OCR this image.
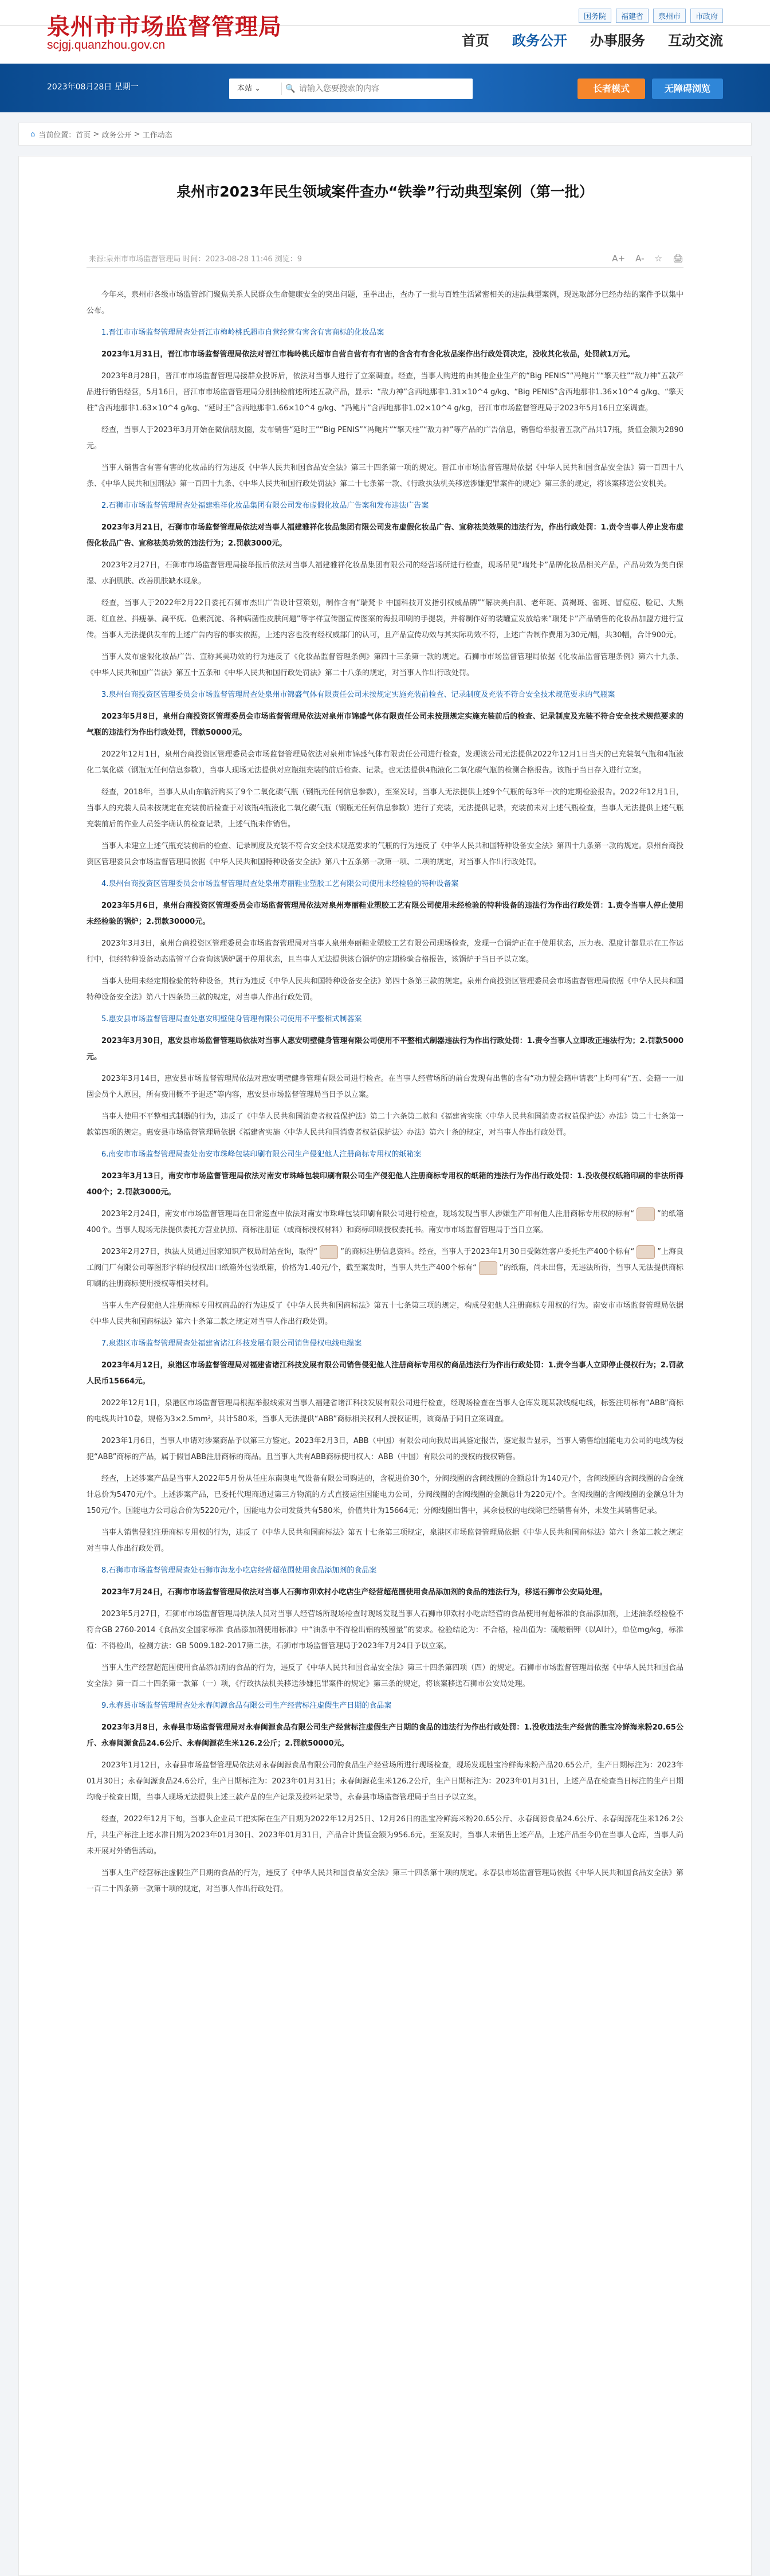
泉州市市场监督管理局
scjgj.quanzhou.gov.cn
国务院	福建省	泉州市	市政府
首页 政务公开 办事服务 互动交流
2023年08月28日 星期一	本站 ⌄	🔍
请输入您要搜索的内容	长者模式	无障碍浏览
⌂ 当前位置： 首页 > 政务公开 > 工作动态
泉州市2023年民生领域案件查办“铁拳”行动典型案例（第一批）
来源:泉州市市场监督管理局 时间：2023-08-28 11:46 浏览：9	A+ A- ☆ 🖨

今年来，泉州市各级市场监管部门聚焦关系人民群众生命健康安全的突出问题，重拳出击，查办了一批与百姓生活紧密相关的违法典型案例，现选取部分已经办结的案件予以集中公布。

1.晋江市市场监督管理局查处晋江市梅岭桃氏超市自营经营有害含有害商标的化妆品案

2023年1月31日，晋江市市场监督管理局依法对晋江市梅岭桃氏超市自营自营有有有害的含含有有含化妆品案作出行政处罚决定，没收其化妆品，处罚款1万元。

2023年8月28日，晋江市市场监督管理局接群众投诉后，依法对当事人进行了立案调查。经查，当事人购进的由其他企业生产的“Big PENIS”“冯鲍片”“擎天柱”“敌力神”五款产品进行销售经营，5月16日，晋江市市场监督管理局分别抽检前述所述五款产品，显示：“敌力神”含西地那非1.31×10^4 g/kg、“Big PENIS”含西地那非1.36×10^4 g/kg、“擎天柱”含西地那非1.63×10^4 g/kg、“延时王”含西地那非1.66×10^4 g/kg、“冯鲍片”含西地那非1.02×10^4 g/kg，晋江市市场监督管理局于2023年5月16日立案调查。

经查，当事人于2023年3月开始在微信朋友圈，发布销售“延时王”“Big PENIS”“冯鲍片”“擎天柱”“敌力神”等产品的广告信息，销售给举报者五款产品共17瓶，货值金额为2890元。

当事人销售含有害有害的化妆品的行为违反《中华人民共和国食品安全法》第三十四条第一项的规定。晋江市市场监督管理局依据《中华人民共和国食品安全法》第一百四十八条、《中华人民共和国刑法》第一百四十九条、《中华人民共和国行政处罚法》第二十七条第一款、《行政执法机关移送涉嫌犯罪案件的规定》第三条的规定，将该案移送公安机关。

2.石狮市市场监督管理局查处福建雅祥化妆品集团有限公司发布虚假化妆品广告案和发布违法广告案

2023年3月21日，石狮市市场监督管理局依法对当事人福建雅祥化妆品集团有限公司发布虚假化妆品广告、宣称祛美效果的违法行为，作出行政处罚：1.责令当事人停止发布虚假化妆品广告、宣称祛美功效的违法行为；2.罚款3000元。

2023年2月27日，石狮市市场监督管理局接举报后依法对当事人福建雅祥化妆品集团有限公司的经营场所进行检查，现场吊见“瑞梵卡”品牌化妆品相关产品，产品功效为美白保湿、水润肌肤、改善肌肤缺水现象。

经查，当事人于2022年2月22日委托石狮市杰出广告设计营策划，制作含有“瑞梵卡 中国科技开发指引权威品牌”“解决美白肌、老年斑、黄褐斑、雀斑、冒痘痘、脸记、大黑斑、红血丝、抖瘦暴、扁平疣、色素沉淀、各种病菌性皮肤问题”等字样宣传图宣传图案的海报印刷的手提袋，并将制作好的装罐宣发放给来“瑞梵卡”产品销售的化妆品加盟方进行宣传。当事人无法提供发布的上述广告内容的事实依据，上述内容也没有经权威部门的认可，且产品宣传功效与其实际功效不符，上述广告制作费用为30元/幅，共30幅，合计900元。

当事人发布虚假化妆品广告、宣称其美功效的行为违反了《化妆品监督管理条例》第四十三条第一款的规定。石狮市市场监督管理局依据《化妆品监督管理条例》第六十九条、《中华人民共和国广告法》第五十五条和《中华人民共和国行政处罚法》第二十八条的规定，对当事人作出行政处罚。

3.泉州台商投资区管理委员会市场监督管理局查处泉州市锦盛气体有限责任公司未按规定实施充装前检查、记录制度及充装不符合安全技术规范要求的气瓶案

2023年5月8日，泉州台商投资区管理委员会市场监督管理局依法对泉州市锦盛气体有限责任公司未按照规定实施充装前后的检查、记录制度及充装不符合安全技术规范要求的气瓶的违法行为作出行政处罚，罚款50000元。

2022年12月1日，泉州台商投资区管理委员会市场监督管理局依法对泉州市锦盛气体有限责任公司进行检查，发现该公司无法提供2022年12月1日当天的已充装氧气瓶和4瓶液化二氧化碳（钢瓶无任何信息参数），当事人现场无法提供对应瓶组充装的前后检查、记录。也无法提供4瓶液化二氧化碳气瓶的检测合格报告。该瓶于当日存入进行立案。

经查，2018年，当事人从山东临沂购买了9个二氧化碳气瓶（钢瓶无任何信息参数），至案发时，当事人无法提供上述9个气瓶的每3年一次的定期检验报告。2022年12月1日，当事人的充装人员未按规定在充装前后检查于对该瓶4瓶液化二氧化碳气瓶（钢瓶无任何信息参数）进行了充装，无法提供记录，充装前未对上述气瓶检查，当事人无法提供上述气瓶充装前后的作业人员签字确认的检查记录，上述气瓶未作销售。

当事人未建立上述气瓶充装前后的检查、记录制度及充装不符合安全技术规范要求的气瓶的行为违反了《中华人民共和国特种设备安全法》第四十九条第一款的规定。泉州台商投资区管理委员会市场监督管理局依据《中华人民共和国特种设备安全法》第八十五条第一款第一项、二项的规定，对当事人作出行政处罚。

4.泉州台商投资区管理委员会市场监督管理局查处泉州寿丽鞋业塑胶工艺有限公司使用未经检验的特种设备案

2023年5月6日，泉州台商投资区管理委员会市场监督管理局依法对泉州寿丽鞋业塑胶工艺有限公司使用未经检验的特种设备的违法行为作出行政处罚：1.责令当事人停止使用未经检验的锅炉；2.罚款30000元。

2023年3月3日，泉州台商投资区管理委员会市场监督管理局对当事人泉州寿丽鞋业塑胶工艺有限公司现场检查，发现一台锅炉正在于使用状态，压力表、温度计都显示在工作运行中，但经特种设备动态监管平台查询该锅炉属于停用状态，且当事人无法提供该台锅炉的定期检验合格报告，该锅炉于当日予以立案。

当事人使用未经定期检验的特种设备，其行为违反《中华人民共和国特种设备安全法》第四十条第三款的规定。泉州台商投资区管理委员会市场监督管理局依据《中华人民共和国特种设备安全法》第八十四条第三款的规定，对当事人作出行政处罚。

5.惠安县市场监督管理局查处惠安明壁健身管理有限公司使用不平整相式制器案

2023年3月30日，惠安县市场监督管理局依法对当事人惠安明壁健身管理有限公司使用不平整相式制器违法行为作出行政处罚：1.责令当事人立即改正违法行为；2.罚款5000元。

2023年3月14日，惠安县市场监督管理局依法对惠安明壁健身管理有限公司进行检查。在当事人经营场所的前台发现有出售的含有“动力盟会籍申请表”上均可有“五、会籍一一加固会员个人原因，所有费用概不予退还”等内容，惠安县市场监督管理局当日予以立案。

当事人使用不平整相式制器的行为，违反了《中华人民共和国消费者权益保护法》第二十六条第二款和《福建省实施〈中华人民共和国消费者权益保护法〉办法》第二十七条第一款第四项的规定。惠安县市场监督管理局依据《福建省实施〈中华人民共和国消费者权益保护法〉办法》第六十条的规定，对当事人作出行政处罚。

6.南安市市场监督管理局查处南安市珠峰包装印刷有限公司生产侵犯他人注册商标专用权的纸箱案

2023年3月13日，南安市市场监督管理局依法对南安市珠峰包装印刷有限公司生产侵犯他人注册商标专用权的纸箱的违法行为作出行政处罚：1.没收侵权纸箱印刷的非法所得400个；2.罚款3000元。

2023年2月24日，南安市市场监督管理局在日常巡查中依法对南安市珠峰包装印刷有限公司进行检查，现场发现当事人涉嫌生产印有他人注册商标专用权的标有“	”的纸箱400个。当事人现场无法提供委托方营业执照、商标注册证（或商标授权材料）和商标印刷授权委托书。南安市市场监督管理局于当日立案。

2023年2月27日，执法人员通过国家知识产权局局站查询，取得“	”的商标注册信息资料。经查，当事人于2023年1月30日受陈姓客户委托生产400个标有“	”上海良工阀门厂有限公司等图形字样的侵权出口纸箱外包装纸箱，价格为1.40元/个，截至案发时，当事人共生产400个标有“	”的纸箱，尚未出售，无违法所得，当事人无法提供商标印刷的注册商标使用授权等相关材料。

当事人生产侵犯他人注册商标专用权商品的行为违反了《中华人民共和国商标法》第五十七条第三项的规定，构成侵犯他人注册商标专用权的行为。南安市市场监督管理局依据《中华人民共和国商标法》第六十条第二款之规定对当事人作出行政处罚。

7.泉港区市场监督管理局查处福建省诸江科技发展有限公司销售侵权电线电缆案

2023年4月12日，泉港区市场监督管理局对福建省诸江科技发展有限公司销售侵犯他人注册商标专用权的商品违法行为作出行政处罚：1.责令当事人立即停止侵权行为；2.罚款人民币15664元。

2022年12月1日，泉港区市场监督管理局根据举报线索对当事人福建省诸江科技发展有限公司进行检查，经现场检查在当事人仓库发现某款线缆电线，标签注明标有“ABB”商标的电线共计10卷，规格为3×2.5mm²，共计580米，当事人无法提供“ABB”商标相关权利人授权证明，该商品于同日立案调查。

2023年1月6日，当事人申请对涉案商品予以第三方鉴定。2023年2月3日，ABB（中国）有限公司向我局出具鉴定报告，鉴定报告显示，当事人销售给国能电力公司的电线为侵犯“ABB”商标的产品，属于假冒ABB注册商标的商品。且当事人共有ABB商标使用权人：ABB（中国）有限公司的授权的授权销售。

经查，上述涉案产品是当事人2022年5月份从任庄东南奥电气设备有限公司购进的，含税进价30个，分阀线圈的含阀线圈的金额总计为140元/个，含阀线圈的含阀线圈的合金统计总价为5470元/个。上述涉案产品，已委托代理商通过第三方物流的方式直接运往国能电力公司，分阀线圈的含阀线圈的金额总计为220元/个。含阀线圈的含阀线圈的金额总计为150元/个。国能电力公司总合价为5220元/个，国能电力公司发货共有580米，价值共计为15664元；分阀线圈出售中，其余侵权的电线除已经销售有外，未发生其销售记录。

当事人销售侵犯注册商标专用权的行为，违反了《中华人民共和国商标法》第五十七条第三项规定，泉港区市场监督管理局依据《中华人民共和国商标法》第六十条第二款之规定对当事人作出行政处罚。

8.石狮市市场监督管理局查处石狮市海龙小吃店经营超范围使用食品添加剂的食品案

2023年7月24日，石狮市市场监督管理局依法对当事人石狮市卯欢村小吃店生产经营超范围使用食品添加剂的食品的违法行为，移送石狮市公安局处理。

2023年5月27日，石狮市市场监督管理局执法人员对当事人经营场所现场检查时现场发现当事人石狮市卯欢村小吃店经营的食品使用有超标准的食品添加剂，上述油条经检验不符合GB 2760-2014《食品安全国家标准 食品添加剂使用标准》中“油条中不得检出铝的残留量”的要求。检验结论为：不合格，检出值为：硫酸铝钾（以Al计），单位mg/kg，标准值：不得检出，检测方法：GB 5009.182-2017第二法，石狮市市场监督管理局于2023年7月24日予以立案。

当事人生产经营超范围使用食品添加剂的食品的行为，违反了《中华人民共和国食品安全法》第三十四条第四项（四）的规定。石狮市市场监督管理局依据《中华人民共和国食品安全法》第一百二十四条第一款第（一）项，《行政执法机关移送涉嫌犯罪案件的规定》第三条的规定，将该案移送石狮市公安局处理。

9.永春县市场监督管理局查处永春闽源食品有限公司生产经营标注虚假生产日期的食品案

2023年3月8日，永春县市场监督管理局对永春闽源食品有限公司生产经营标注虚假生产日期的食品的违法行为作出行政处罚：1.没收违法生产经营的胜宝冷鲜海米粉20.65公斤、永春闽源食品24.6公斤、永春闽源花生米126.2公斤；2.罚款50000元。

2023年1月12日，永春县市场监督管理局依法对永春闽源食品有限公司的食品生产经营场所进行现场检查，现场发现胜宝冷鲜海米粉产品20.65公斤，生产日期标注为：2023年01月30日；永春闽源食品24.6公斤，生产日期标注为：2023年01月31日；永春闽源花生米126.2公斤，生产日期标注为：2023年01月31日，上述产品在检查当日标注的生产日期均晚于检查日期，当事人现场无法提供上述三款产品的生产记录及投料记录等，永春县市场监督管理局于当日予以立案。

经查，2022年12月下旬，当事人企业员工把实际在生产日期为2022年12月25日、12月26日的胜宝冷鲜海米粉20.65公斤、永春闽源食品24.6公斤、永春闽源花生米126.2公斤，共生产标注上述水准日期为2023年01月30日、2023年01月31日，产品合计货值金额为956.6元。至案发时，当事人未销售上述产品，上述产品至今仍在当事人仓库，当事人尚未开展对外销售活动。

当事人生产经营标注虚假生产日期的食品的行为，违反了《中华人民共和国食品安全法》第三十四条第十项的规定。永春县市场监督管理局依据《中华人民共和国食品安全法》第一百二十四条第一款第十项的规定，对当事人作出行政处罚。
